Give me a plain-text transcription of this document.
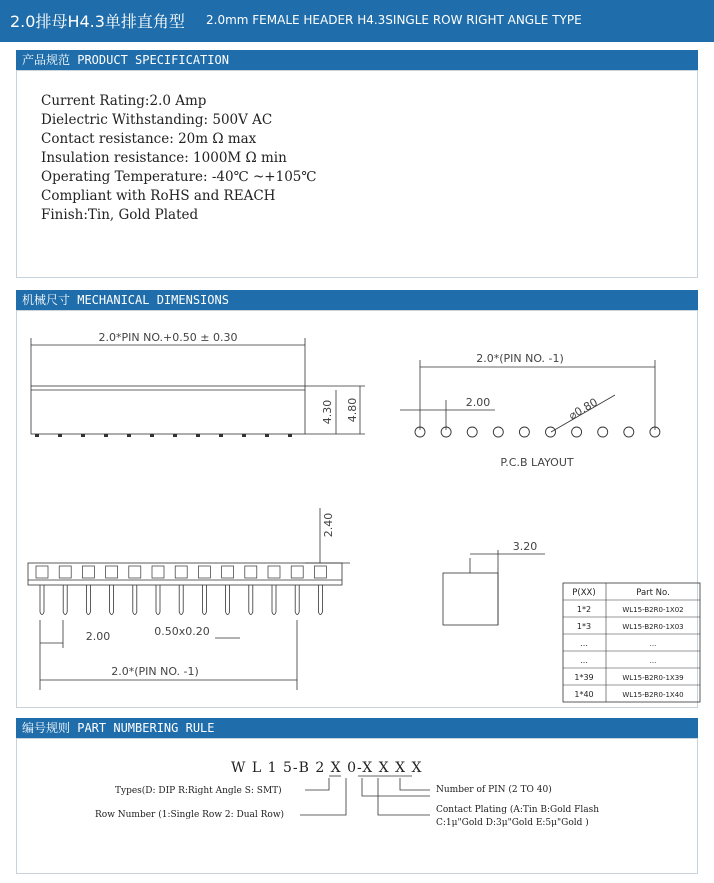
2.0排母H4.3单排直角型 2.0mm FEMALE HEADER H4.3SINGLE ROW RIGHT ANGLE TYPE
产品规范 PRODUCT SPECIFICATION
Current Rating:2.0 Amp
Dielectric Withstanding: 500V AC
Contact resistance: 20m Ω max
Insulation resistance: 1000M Ω min
Operating Temperature: -40℃ ~+105℃
Compliant with RoHS and REACH
Finish:Tin, Gold Plated
机械尺寸 MECHANICAL DIMENSIONS
2.0*PIN NO.+0.50 ± 0.30
4.30 4.80
2.0*(PIN NO. -1)
2.00	⌀0.80
P.C.B LAYOUT
2.40
2.00	0.50x0.20
2.0*(PIN NO. -1)
3.20
P(XX)	Part No.
1*2	WL15-B2R0-1X02
1*3	WL15-B2R0-1X03
...	...
...	...
1*39	WL15-B2R0-1X39
1*40	WL15-B2R0-1X40
编号规则 PART NUMBERING RULE
W L 1 5-B 2 X 0-X X X X
Types(D: DIP R:Right Angle S: SMT)
Row Number (1:Single Row 2: Dual Row)
Number of PIN (2 TO 40)
Contact Plating (A:Tin B:Gold Flash
C:1μ"Gold D:3μ"Gold E:5μ"Gold )
